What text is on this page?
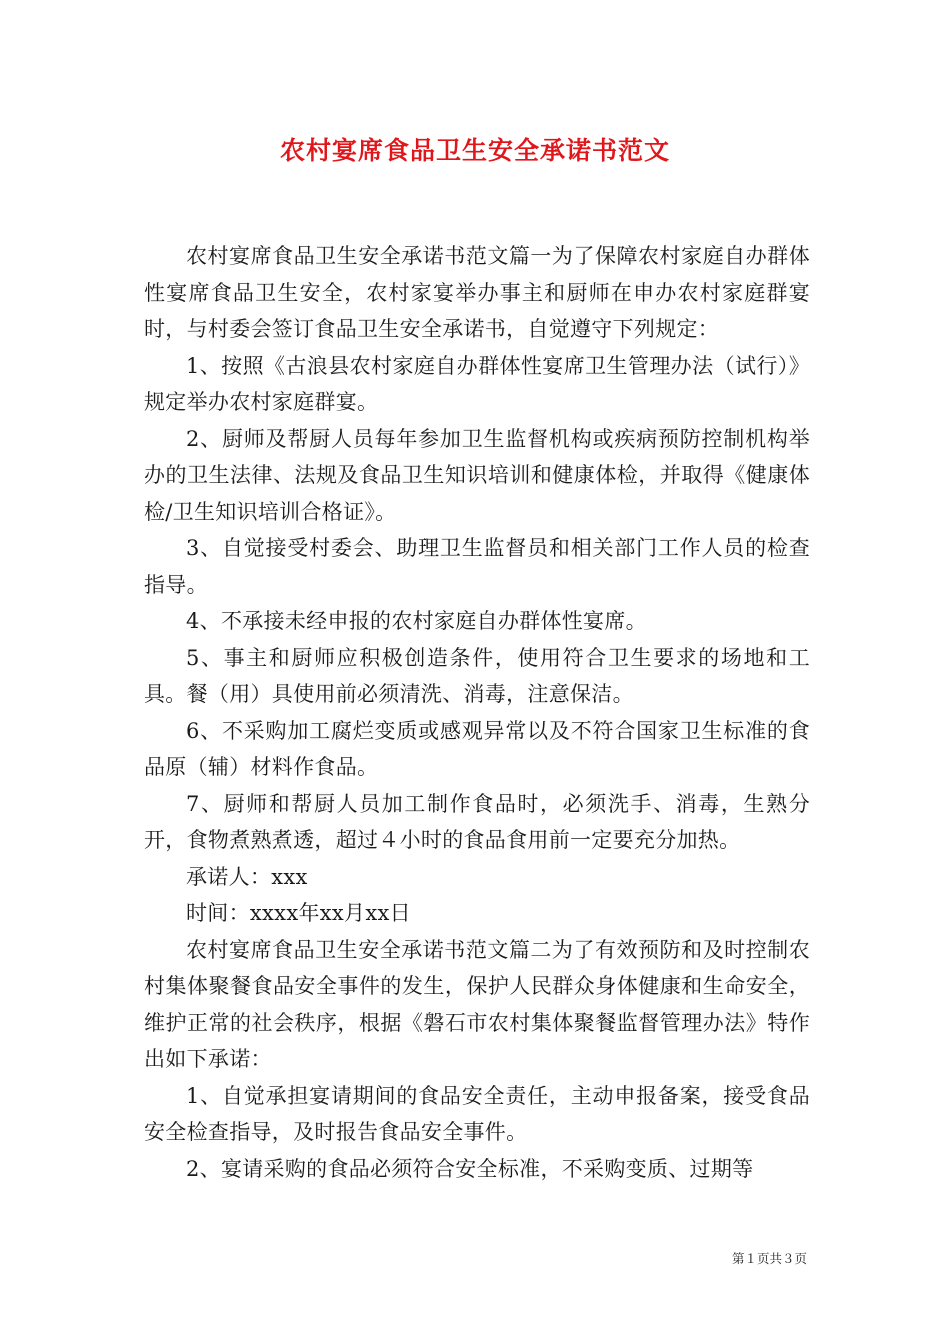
农村宴席食品卫生安全承诺书范文

农村宴席食品卫生安全承诺书范文篇一为了保障农村家庭自办群体性宴席食品卫生安全，农村家宴举办事主和厨师在申办农村家庭群宴时，与村委会签订食品卫生安全承诺书，自觉遵守下列规定：

1、按照《古浪县农村家庭自办群体性宴席卫生管理办法（试行）》规定举办农村家庭群宴。

2、厨师及帮厨人员每年参加卫生监督机构或疾病预防控制机构举办的卫生法律、法规及食品卫生知识培训和健康体检，并取得《健康体检/卫生知识培训合格证》。

3、自觉接受村委会、助理卫生监督员和相关部门工作人员的检查指导。

4、不承接未经申报的农村家庭自办群体性宴席。

5、事主和厨师应积极创造条件，使用符合卫生要求的场地和工具。餐（用）具使用前必须清洗、消毒，注意保洁。

6、不采购加工腐烂变质或感观异常以及不符合国家卫生标准的食品原（辅）材料作食品。

7、厨师和帮厨人员加工制作食品时，必须洗手、消毒，生熟分开，食物煮熟煮透，超过４小时的食品食用前一定要充分加热。

承诺人：xxx

时间：xxxx年xx月xx日

农村宴席食品卫生安全承诺书范文篇二为了有效预防和及时控制农村集体聚餐食品安全事件的发生，保护人民群众身体健康和生命安全，维护正常的社会秩序，根据《磐石市农村集体聚餐监督管理办法》特作出如下承诺：

1、自觉承担宴请期间的食品安全责任，主动申报备案，接受食品安全检查指导，及时报告食品安全事件。

2、宴请采购的食品必须符合安全标准，不采购变质、过期等

第１页共３页
